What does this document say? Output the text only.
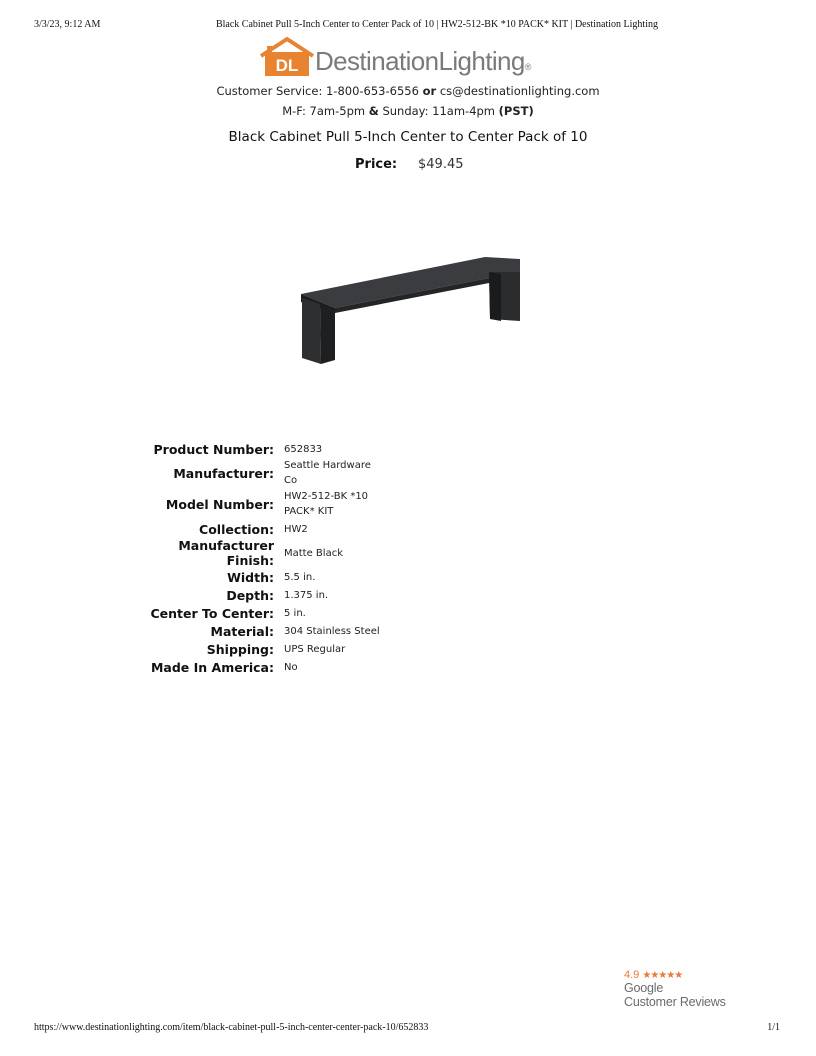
3/3/23, 9:12 AM	Black Cabinet Pull 5-Inch Center to Center Pack of 10 | HW2-512-BK *10 PACK* KIT | Destination Lighting
DL DestinationLighting®
Customer Service: 1-800-653-6556 or cs@destinationlighting.com
M-F: 7am-5pm & Sunday: 11am-4pm (PST)
Black Cabinet Pull 5-Inch Center to Center Pack of 10
Price: $49.45
Product Number:	652833
Manufacturer:	Seattle Hardware Co
Model Number:	HW2-512-BK *10 PACK* KIT
Collection:	HW2
Manufacturer Finish:	Matte Black
Width:	5.5 in.
Depth:	1.375 in.
Center To Center:	5 in.
Material:	304 Stainless Steel
Shipping:	UPS Regular
Made In America:	No
4.9 ★★★★★
Google
Customer Reviews
https://www.destinationlighting.com/item/black-cabinet-pull-5-inch-center-center-pack-10/652833	1/1
